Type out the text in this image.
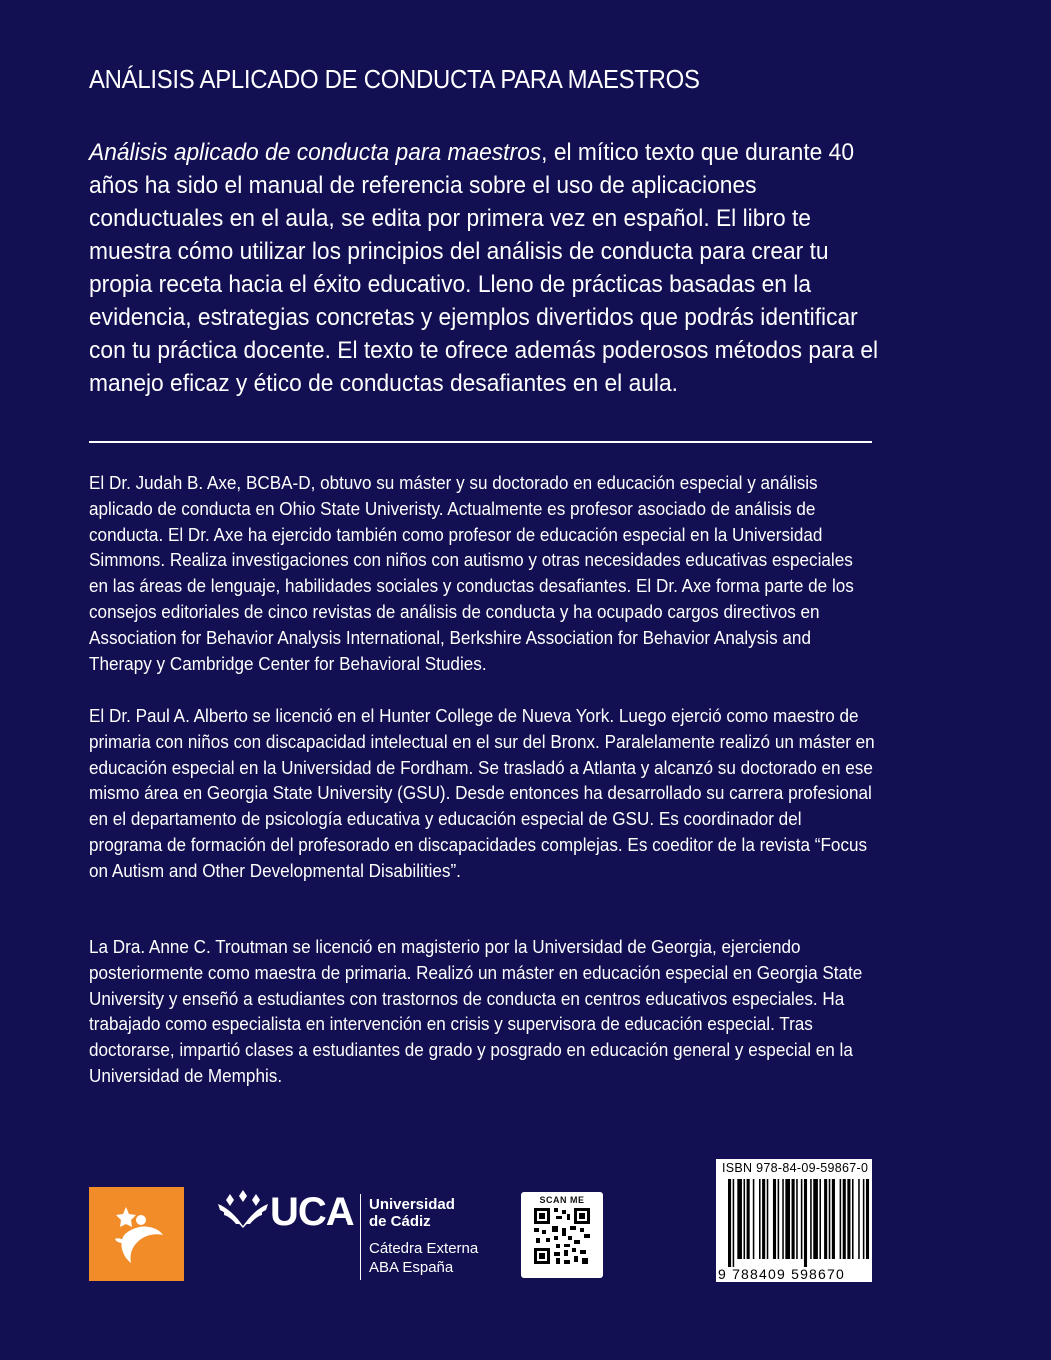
ANÁLISIS APLICADO DE CONDUCTA PARA MAESTROS

Análisis aplicado de conducta para maestros, el mítico texto que durante 40 años ha sido el manual de referencia sobre el uso de aplicaciones conductuales en el aula, se edita por primera vez en español. El libro te muestra cómo utilizar los principios del análisis de conducta para crear tu propia receta hacia el éxito educativo. Lleno de prácticas basadas en la evidencia, estrategias concretas y ejemplos divertidos que podrás identificar con tu práctica docente. El texto te ofrece además poderosos métodos para el manejo eficaz y ético de conductas desafiantes en el aula.

El Dr. Judah B. Axe, BCBA-D, obtuvo su máster y su doctorado en educación especial y análisis aplicado de conducta en Ohio State Univeristy. Actualmente es profesor asociado de análisis de conducta. El Dr. Axe ha ejercido también como profesor de educación especial en la Universidad Simmons. Realiza investigaciones con niños con autismo y otras necesidades educativas especiales en las áreas de lenguaje, habilidades sociales y conductas desafiantes. El Dr. Axe forma parte de los consejos editoriales de cinco revistas de análisis de conducta y ha ocupado cargos directivos en Association for Behavior Analysis International, Berkshire Association for Behavior Analysis and Therapy y Cambridge Center for Behavioral Studies.

El Dr. Paul A. Alberto se licenció en el Hunter College de Nueva York. Luego ejerció como maestro de primaria con niños con discapacidad intelectual en el sur del Bronx. Paralelamente realizó un máster en educación especial en la Universidad de Fordham. Se trasladó a Atlanta y alcanzó su doctorado en ese mismo área en Georgia State University (GSU). Desde entonces ha desarrollado su carrera profesional en el departamento de psicología educativa y educación especial de GSU. Es coordinador del programa de formación del profesorado en discapacidades complejas. Es coeditor de la revista “Focus on Autism and Other Developmental Disabilities”.

La Dra. Anne C. Troutman se licenció en magisterio por la Universidad de Georgia, ejerciendo posteriormente como maestra de primaria. Realizó un máster en educación especial en Georgia State University y enseñó a estudiantes con trastornos de conducta en centros educativos especiales. Ha trabajado como especialista en intervención en crisis y supervisora de educación especial. Tras doctorarse, impartió clases a estudiantes de grado y posgrado en educación general y especial en la Universidad de Memphis.

UCA Universidad
de Cádiz
Cátedra Externa
ABA España
SCAN ME
ISBN 978-84-09-59867-0
9 788409 598670
